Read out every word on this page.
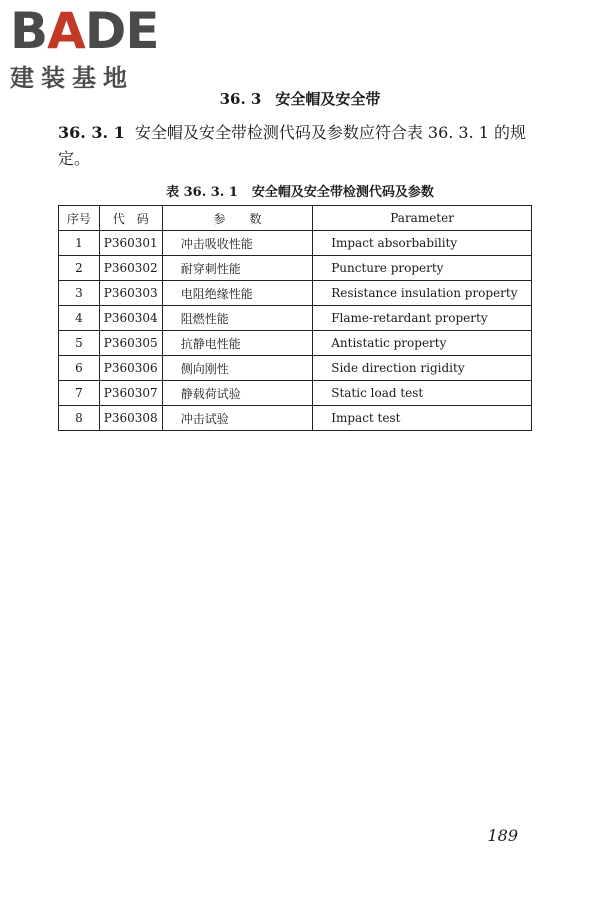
BADE
建装基地
36. 3 安全帽及安全带
36. 3. 1 安全帽及安全带检测代码及参数应符合表 36. 3. 1 的规定。
表 36. 3. 1 安全帽及安全带检测代码及参数
序号	代　码	参　　数	Parameter
1	P360301	冲击吸收性能	Impact absorbability
2	P360302	耐穿刺性能	Puncture property
3	P360303	电阻绝缘性能	Resistance insulation property
4	P360304	阻燃性能	Flame-retardant property
5	P360305	抗静电性能	Antistatic property
6	P360306	侧向刚性	Side direction rigidity
7	P360307	静载荷试验	Static load test
8	P360308	冲击试验	Impact test
189
